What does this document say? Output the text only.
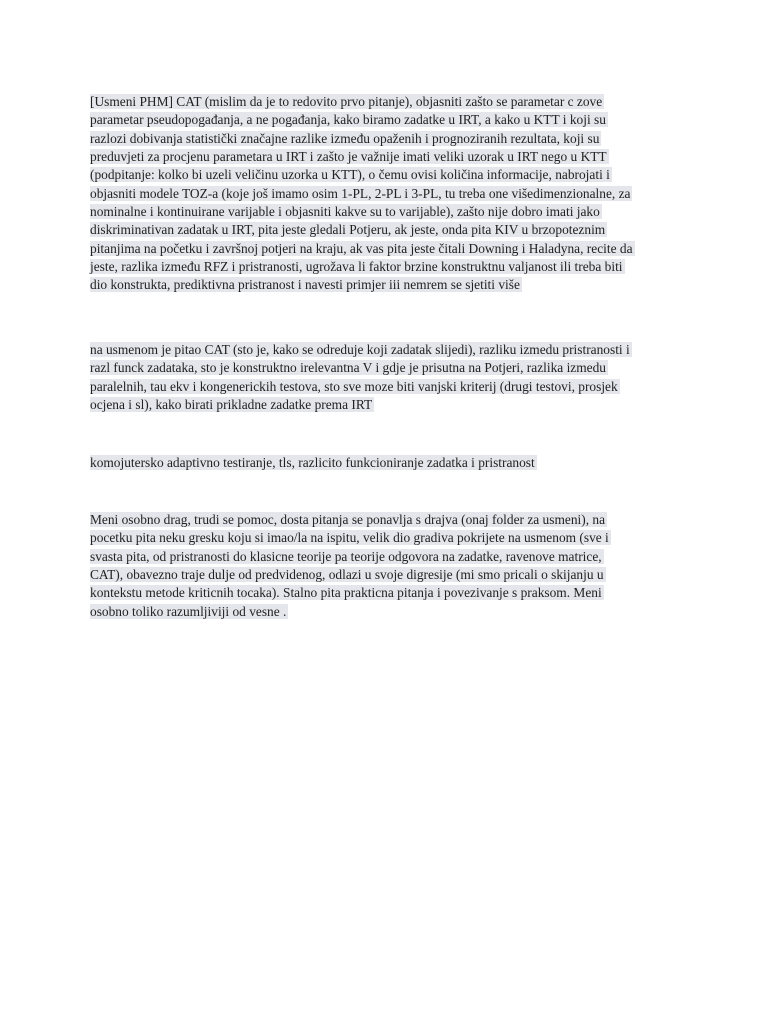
[Usmeni PHM] CAT (mislim da je to redovito prvo pitanje), objasniti zašto se parametar c zove
parametar pseudopogađanja, a ne pogađanja, kako biramo zadatke u IRT, a kako u KTT i koji su
razlozi dobivanja statistički značajne razlike između opaženih i prognoziranih rezultata, koji su
preduvjeti za procjenu parametara u IRT i zašto je važnije imati veliki uzorak u IRT nego u KTT
(podpitanje: kolko bi uzeli veličinu uzorka u KTT), o čemu ovisi količina informacije, nabrojati i
objasniti modele TOZ-a (koje još imamo osim 1-PL, 2-PL i 3-PL, tu treba one višedimenzionalne, za
nominalne i kontinuirane varijable i objasniti kakve su to varijable), zašto nije dobro imati jako
diskriminativan zadatak u IRT, pita jeste gledali Potjeru, ak jeste, onda pita KIV u brzopoteznim
pitanjima na početku i završnoj potjeri na kraju, ak vas pita jeste čitali Downing i Haladyna, recite da
jeste, razlika između RFZ i pristranosti, ugrožava li faktor brzine konstruktnu valjanost ili treba biti
dio konstrukta, prediktivna pristranost i navesti primjer iii nemrem se sjetiti više
na usmenom je pitao CAT (sto je, kako se odreduje koji zadatak slijedi), razliku izmedu pristranosti i
razl funck zadataka, sto je konstruktno irelevantna V i gdje je prisutna na Potjeri, razlika izmedu
paralelnih, tau ekv i kongenerickih testova, sto sve moze biti vanjski kriterij (drugi testovi, prosjek
ocjena i sl), kako birati prikladne zadatke prema IRT
komojutersko adaptivno testiranje, tls, razlicito funkcioniranje zadatka i pristranost
Meni osobno drag, trudi se pomoc, dosta pitanja se ponavlja s drajva (onaj folder za usmeni), na
pocetku pita neku gresku koju si imao/la na ispitu, velik dio gradiva pokrijete na usmenom (sve i
svasta pita, od pristranosti do klasicne teorije pa teorije odgovora na zadatke, ravenove matrice,
CAT), obavezno traje dulje od predvidenog, odlazi u svoje digresije (mi smo pricali o skijanju u
kontekstu metode kriticnih tocaka). Stalno pita prakticna pitanja i povezivanje s praksom. Meni
osobno toliko razumljiviji od vesne .
